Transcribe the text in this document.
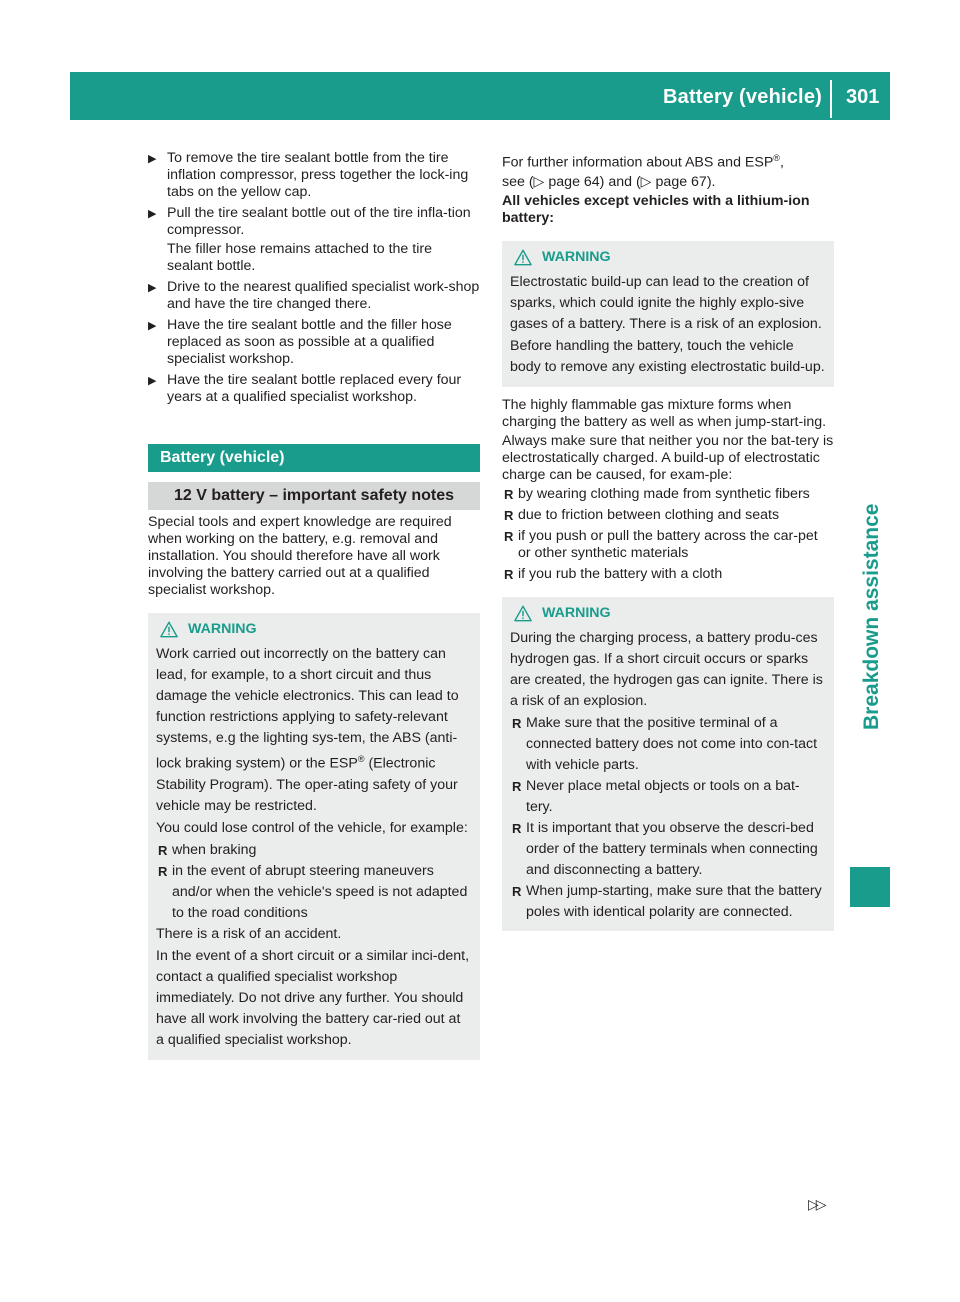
Battery (vehicle) 301
Breakdown assistance
▶ To remove the tire sealant bottle from the tire inflation compressor, press together the lock-ing tabs on the yellow cap.
▶ Pull the tire sealant bottle out of the tire infla-tion compressor.
The filler hose remains attached to the tire sealant bottle.
▶ Drive to the nearest qualified specialist work-shop and have the tire changed there.
▶ Have the tire sealant bottle and the filler hose replaced as soon as possible at a qualified specialist workshop.
▶ Have the tire sealant bottle replaced every four years at a qualified specialist workshop.
Battery (vehicle)
12 V battery – important safety notes

Special tools and expert knowledge are required when working on the battery, e.g. removal and installation. You should therefore have all work involving the battery carried out at a qualified specialist workshop.

WARNING

Work carried out incorrectly on the battery can lead, for example, to a short circuit and thus damage the vehicle electronics. This can lead to function restrictions applying to safety-relevant systems, e.g the lighting sys-tem, the ABS (anti-lock braking system) or the ESP® (Electronic Stability Program). The oper-ating safety of your vehicle may be restricted.

You could lose control of the vehicle, for example:

R when braking
R in the event of abrupt steering maneuvers and/or when the vehicle's speed is not adapted to the road conditions

There is a risk of an accident.

In the event of a short circuit or a similar inci-dent, contact a qualified specialist workshop immediately. Do not drive any further. You should have all work involving the battery car-ried out at a qualified specialist workshop.

For further information about ABS and ESP®,

see (▷ page 64) and (▷ page 67).

All vehicles except vehicles with a lithium-ion battery:

WARNING

Electrostatic build-up can lead to the creation of sparks, which could ignite the highly explo-sive gases of a battery. There is a risk of an explosion.

Before handling the battery, touch the vehicle body to remove any existing electrostatic build-up.

The highly flammable gas mixture forms when charging the battery as well as when jump-start-ing.

Always make sure that neither you nor the bat-tery is electrostatically charged. A build-up of electrostatic charge can be caused, for exam-ple:

R by wearing clothing made from synthetic fibers
R due to friction between clothing and seats
R if you push or pull the battery across the car-pet or other synthetic materials
R if you rub the battery with a cloth
WARNING

During the charging process, a battery produ-ces hydrogen gas. If a short circuit occurs or sparks are created, the hydrogen gas can ignite. There is a risk of an explosion.

R Make sure that the positive terminal of a connected battery does not come into con-tact with vehicle parts.
R Never place metal objects or tools on a bat-tery.
R It is important that you observe the descri-bed order of the battery terminals when connecting and disconnecting a battery.
R When jump-starting, make sure that the battery poles with identical polarity are connected.
▷▷
